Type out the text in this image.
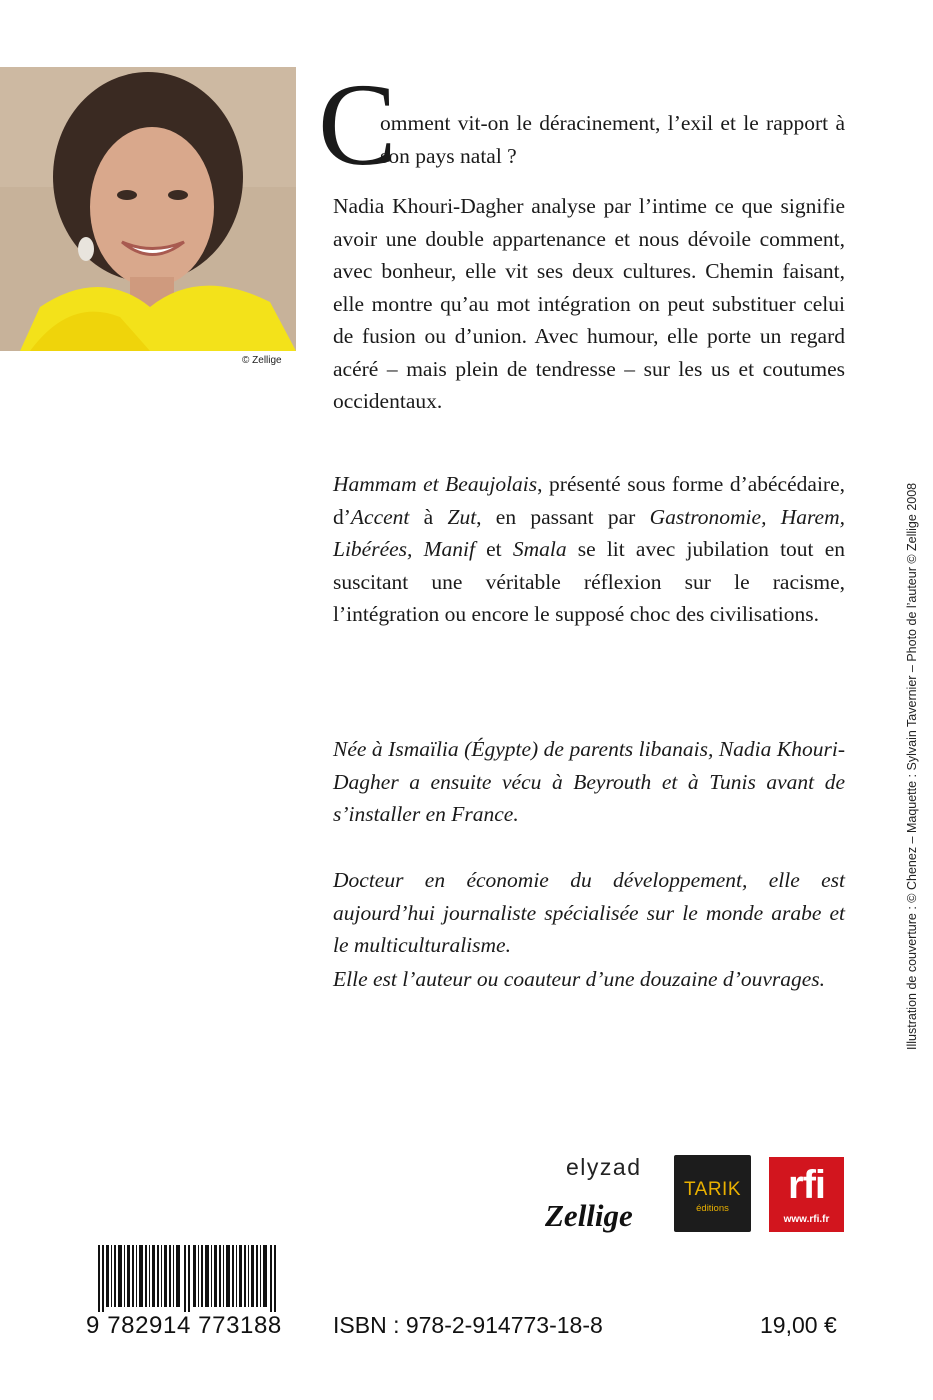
© Zellige
C
omment vit-on le déracinement, l’exil et le rapport à son pays natal ?

Nadia Khouri-Dagher analyse par l’intime ce que signifie avoir une double appartenance et nous dévoile comment, avec bonheur, elle vit ses deux cultures. Chemin faisant, elle montre qu’au mot intégration on peut substituer celui de fusion ou d’union. Avec humour, elle porte un regard acéré – mais plein de tendresse – sur les us et coutumes occidentaux.

Hammam et Beaujolais, présenté sous forme d’abécédaire, d’Accent à Zut, en passant par Gastronomie, Harem, Libérées, Manif et Smala se lit avec jubilation tout en suscitant une véritable réflexion sur le racisme, l’intégration ou encore le supposé choc des civilisations.

Née à Ismaïlia (Égypte) de parents libanais, Nadia Khouri-Dagher a ensuite vécu à Beyrouth et à Tunis avant de s’installer en France.

Docteur en économie du développement, elle est aujourd’hui journaliste spécialisée sur le monde arabe et le multiculturalisme.

Elle est l’auteur ou coauteur d’une douzaine d’ouvrages.	Illustration de couverture : © Chenez – Maquette : Sylvain Tavernier – Photo de l’auteur © Zellige 2008
elyzad
Zellige
TARIK
éditions
rfi
www.rfi.fr
9 782914 773188 ISBN : 978-2-914773-18-8	19,00 €
